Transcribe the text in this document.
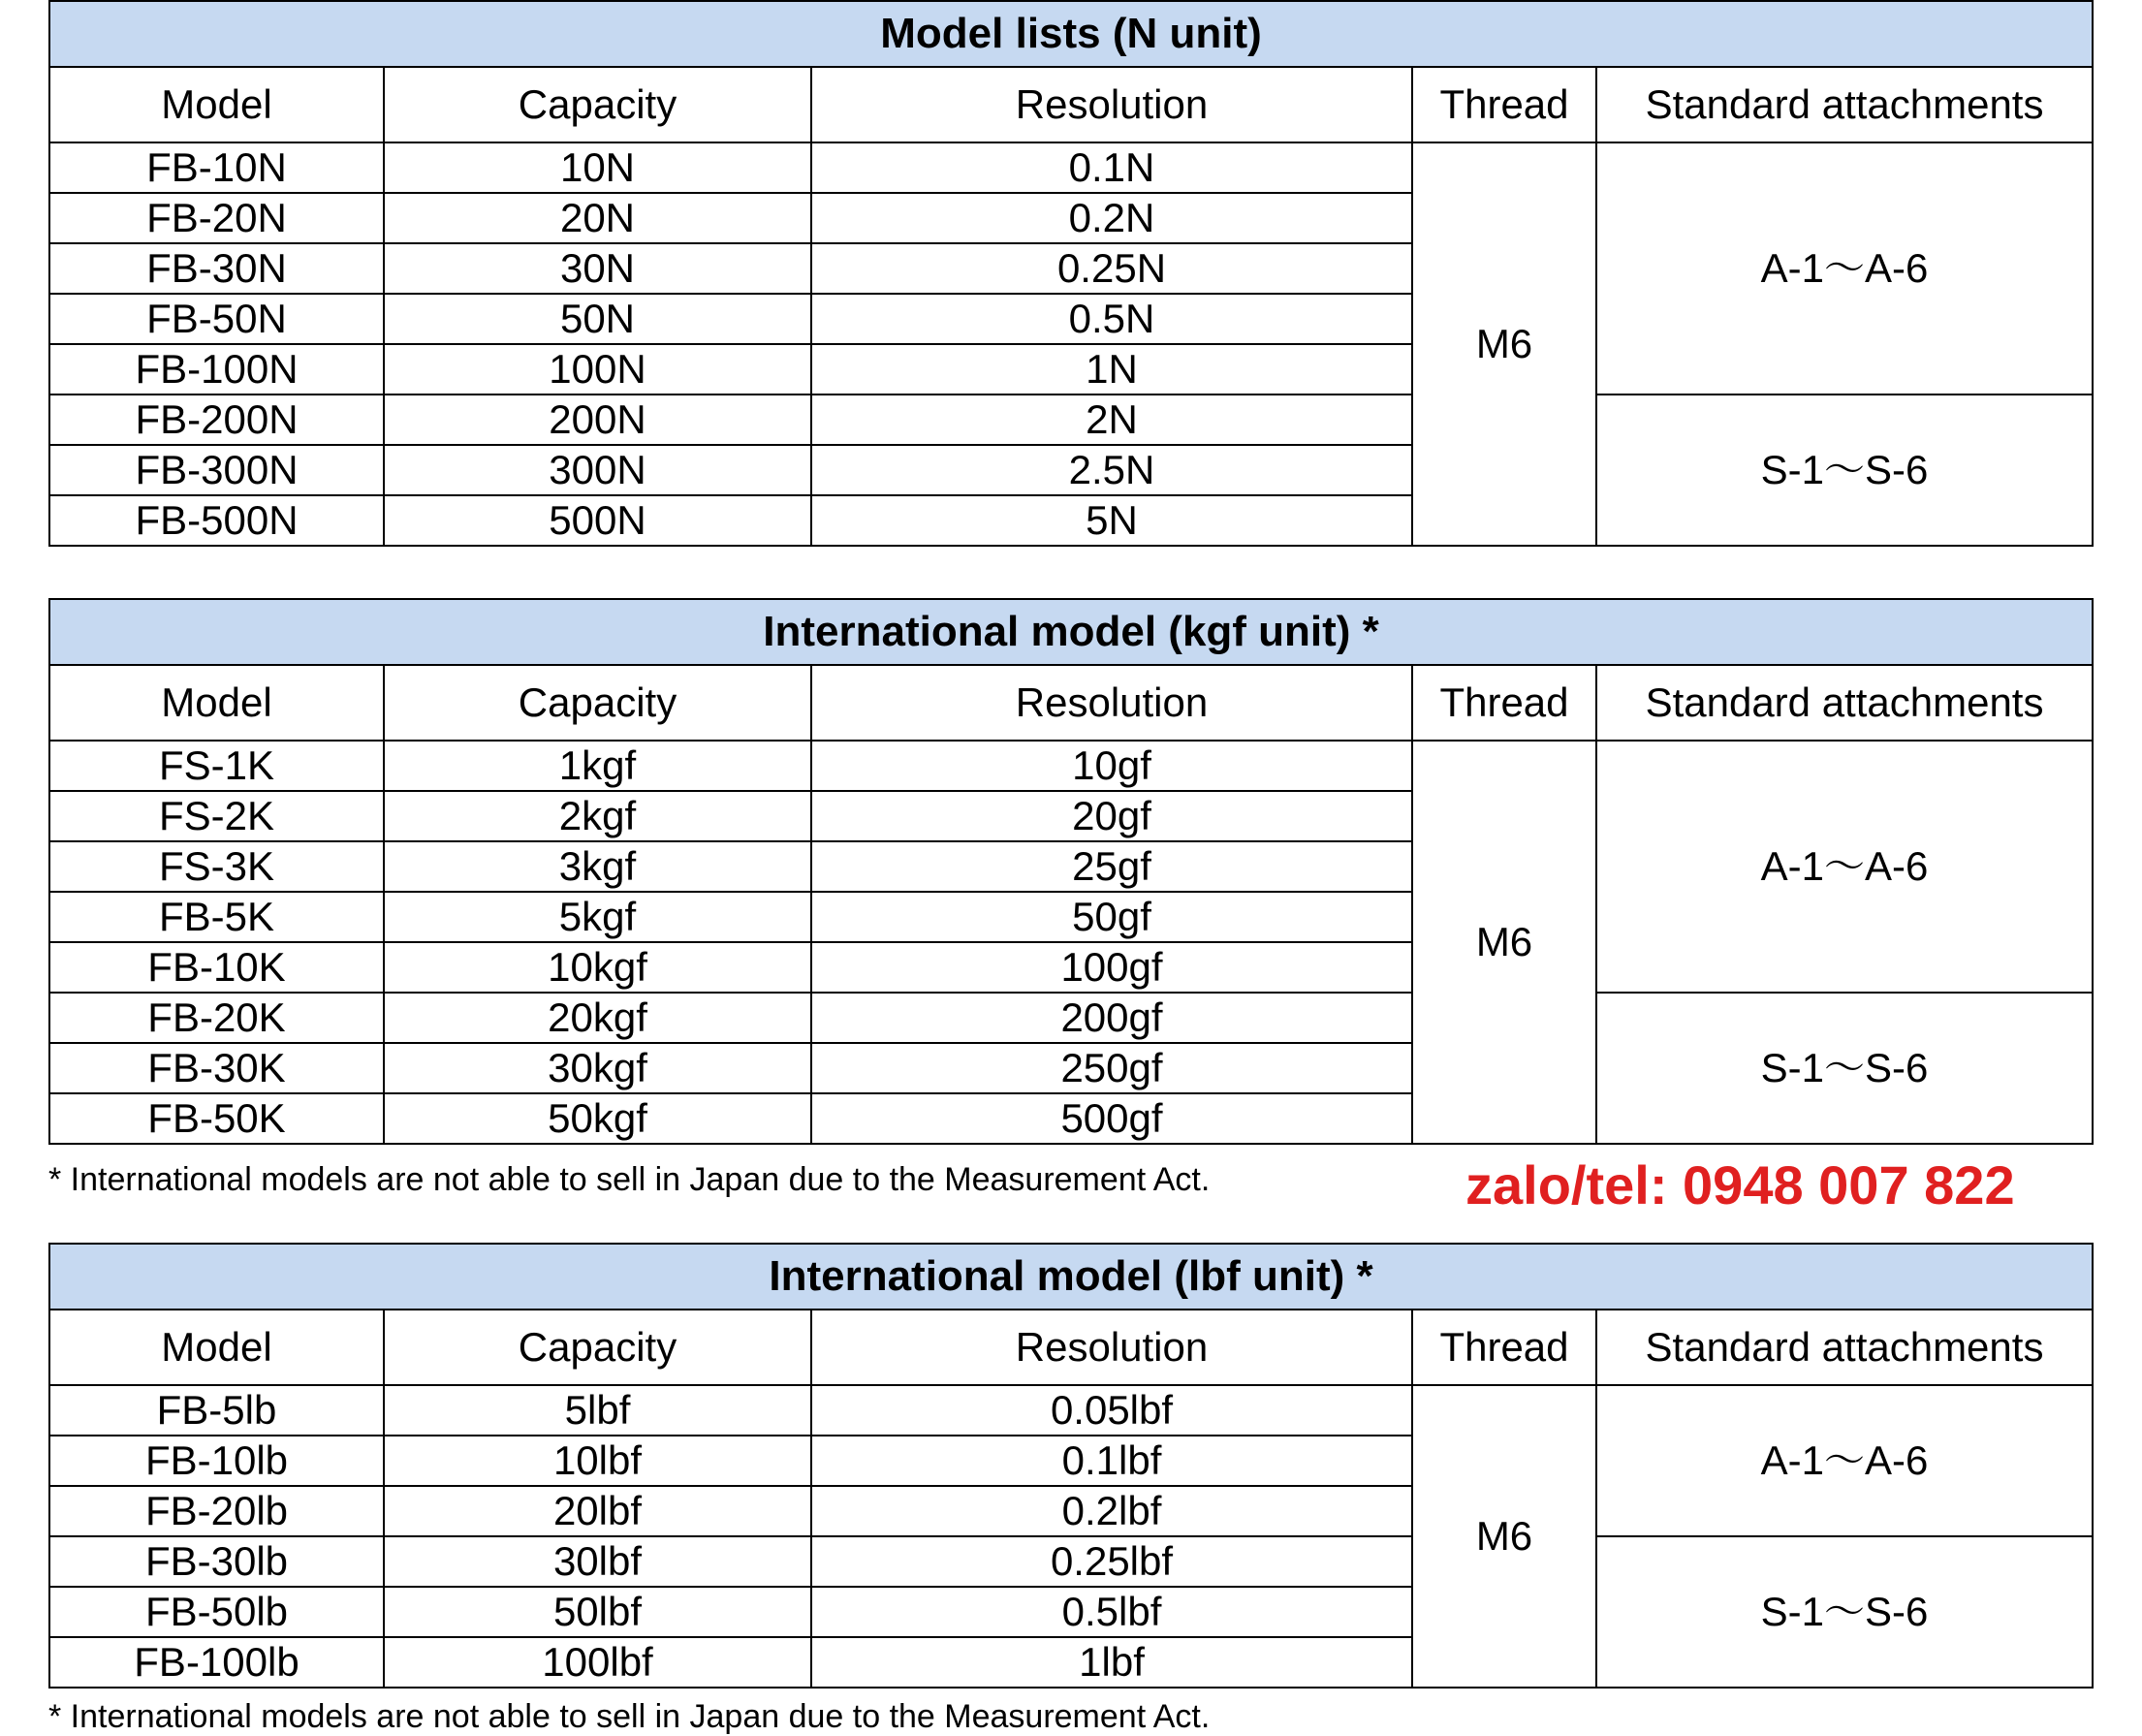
Model lists (N unit)				
Model	Capacity	Resolution	Thread	Standard attachments
FB-10N	10N	0.1N	M6	A-1～A-6
FB-20N	20N	0.2N		
FB-30N	30N	0.25N		
FB-50N	50N	0.5N		
FB-100N	100N	1N		
FB-200N	200N	2N		S-1～S-6
FB-300N	300N	2.5N		
FB-500N	500N	5N		
International model (kgf unit) *				
Model	Capacity	Resolution	Thread	Standard attachments
FS-1K	1kgf	10gf	M6	A-1～A-6
FS-2K	2kgf	20gf		
FS-3K	3kgf	25gf		
FB-5K	5kgf	50gf		
FB-10K	10kgf	100gf		
FB-20K	20kgf	200gf		S-1～S-6
FB-30K	30kgf	250gf		
FB-50K	50kgf	500gf		
* International models are not able to sell in Japan due to the Measurement Act.	zalo/tel: 0948 007 822
International model (lbf unit) *				
Model	Capacity	Resolution	Thread	Standard attachments
FB-5lb	5lbf	0.05lbf	M6	A-1～A-6
FB-10lb	10lbf	0.1lbf		
FB-20lb	20lbf	0.2lbf		
FB-30lb	30lbf	0.25lbf		S-1～S-6
FB-50lb	50lbf	0.5lbf		
FB-100lb	100lbf	1lbf		
* International models are not able to sell in Japan due to the Measurement Act.
